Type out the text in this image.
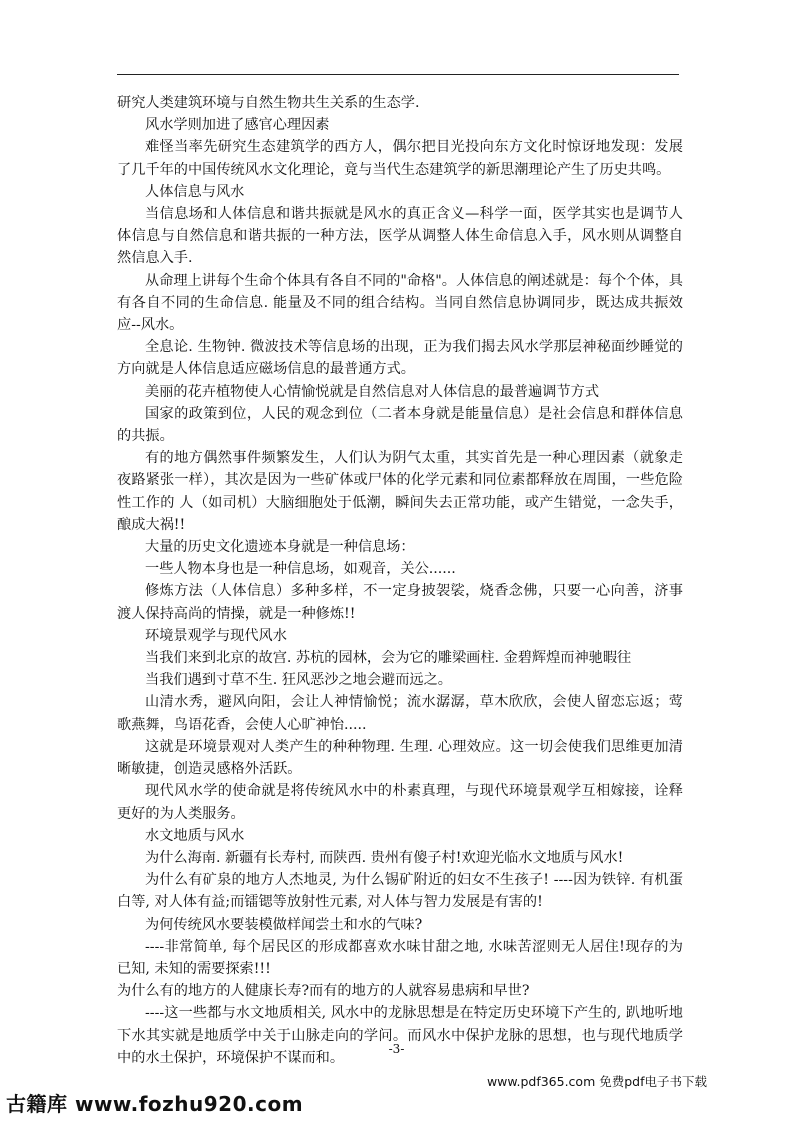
研究人类建筑环境与自然生物共生关系的生态学.

风水学则加进了感官心理因素

难怪当率先研究生态建筑学的西方人，偶尔把目光投向东方文化时惊讶地发现：发展了几千年的中国传统风水文化理论，竟与当代生态建筑学的新思潮理论产生了历史共鸣。

人体信息与风水

当信息场和人体信息和谐共振就是风水的真正含义—科学一面，医学其实也是调节人体信息与自然信息和谐共振的一种方法，医学从调整人体生命信息入手，风水则从调整自然信息入手.

从命理上讲每个生命个体具有各自不同的"命格"。人体信息的阐述就是：每个个体，具有各自不同的生命信息. 能量及不同的组合结构。当同自然信息协调同步，既达成共振效应--风水。

全息论. 生物钟. 微波技术等信息场的出现，正为我们揭去风水学那层神秘面纱睡觉的方向就是人体信息适应磁场信息的最普通方式。

美丽的花卉植物使人心情愉悦就是自然信息对人体信息的最普遍调节方式

国家的政策到位，人民的观念到位（二者本身就是能量信息）是社会信息和群体信息的共振。

有的地方偶然事件频繁发生，人们认为阴气太重，其实首先是一种心理因素（就象走夜路紧张一样），其次是因为一些矿体或尸体的化学元素和同位素都释放在周围，一些危险性工作的 人（如司机）大脑细胞处于低潮，瞬间失去正常功能，或产生错觉，一念失手，酿成大祸!!

大量的历史文化遗迹本身就是一种信息场：

一些人物本身也是一种信息场，如观音，关公......

修炼方法（人体信息）多种多样，不一定身披袈裟，烧香念佛，只要一心向善，济事渡人保持高尚的情操，就是一种修炼!!

环境景观学与现代风水

当我们来到北京的故宫. 苏杭的园林，会为它的雕梁画柱. 金碧辉煌而神驰暇往

当我们遇到寸草不生. 狂风恶沙之地会避而远之。

山清水秀，避风向阳，会让人神情愉悦；流水潺潺，草木欣欣，会使人留恋忘返；莺歌燕舞，鸟语花香，会使人心旷神怡.....

这就是环境景观对人类产生的种种物理. 生理. 心理效应。这一切会使我们思维更加清晰敏捷，创造灵感格外活跃。

现代风水学的使命就是将传统风水中的朴素真理，与现代环境景观学互相嫁接，诠释更好的为人类服务。

水文地质与风水

为什么海南. 新疆有长寿村, 而陕西. 贵州有傻子村!欢迎光临水文地质与风水!

为什么有矿泉的地方人杰地灵, 为什么锡矿附近的妇女不生孩子! ----因为铁锌. 有机蛋白等, 对人体有益;而镭锶等放射性元素, 对人体与智力发展是有害的!

为何传统风水要装模做样闻尝土和水的气味?

----非常简单, 每个居民区的形成都喜欢水味甘甜之地, 水味苦涩则无人居住!现存的为已知, 未知的需要探索!!!

为什么有的地方的人健康长寿?而有的地方的人就容易患病和早世?

----这一些都与水文地质相关, 风水中的龙脉思想是在特定历史环境下产生的, 趴地听地下水其实就是地质学中关于山脉走向的学问。而风水中保护龙脉的思想，也与现代地质学中的水土保护，环境保护不谋而和。

-3-
www.pdf365.com 免费pdf电子书下载
古籍库 www.fozhu920.com
